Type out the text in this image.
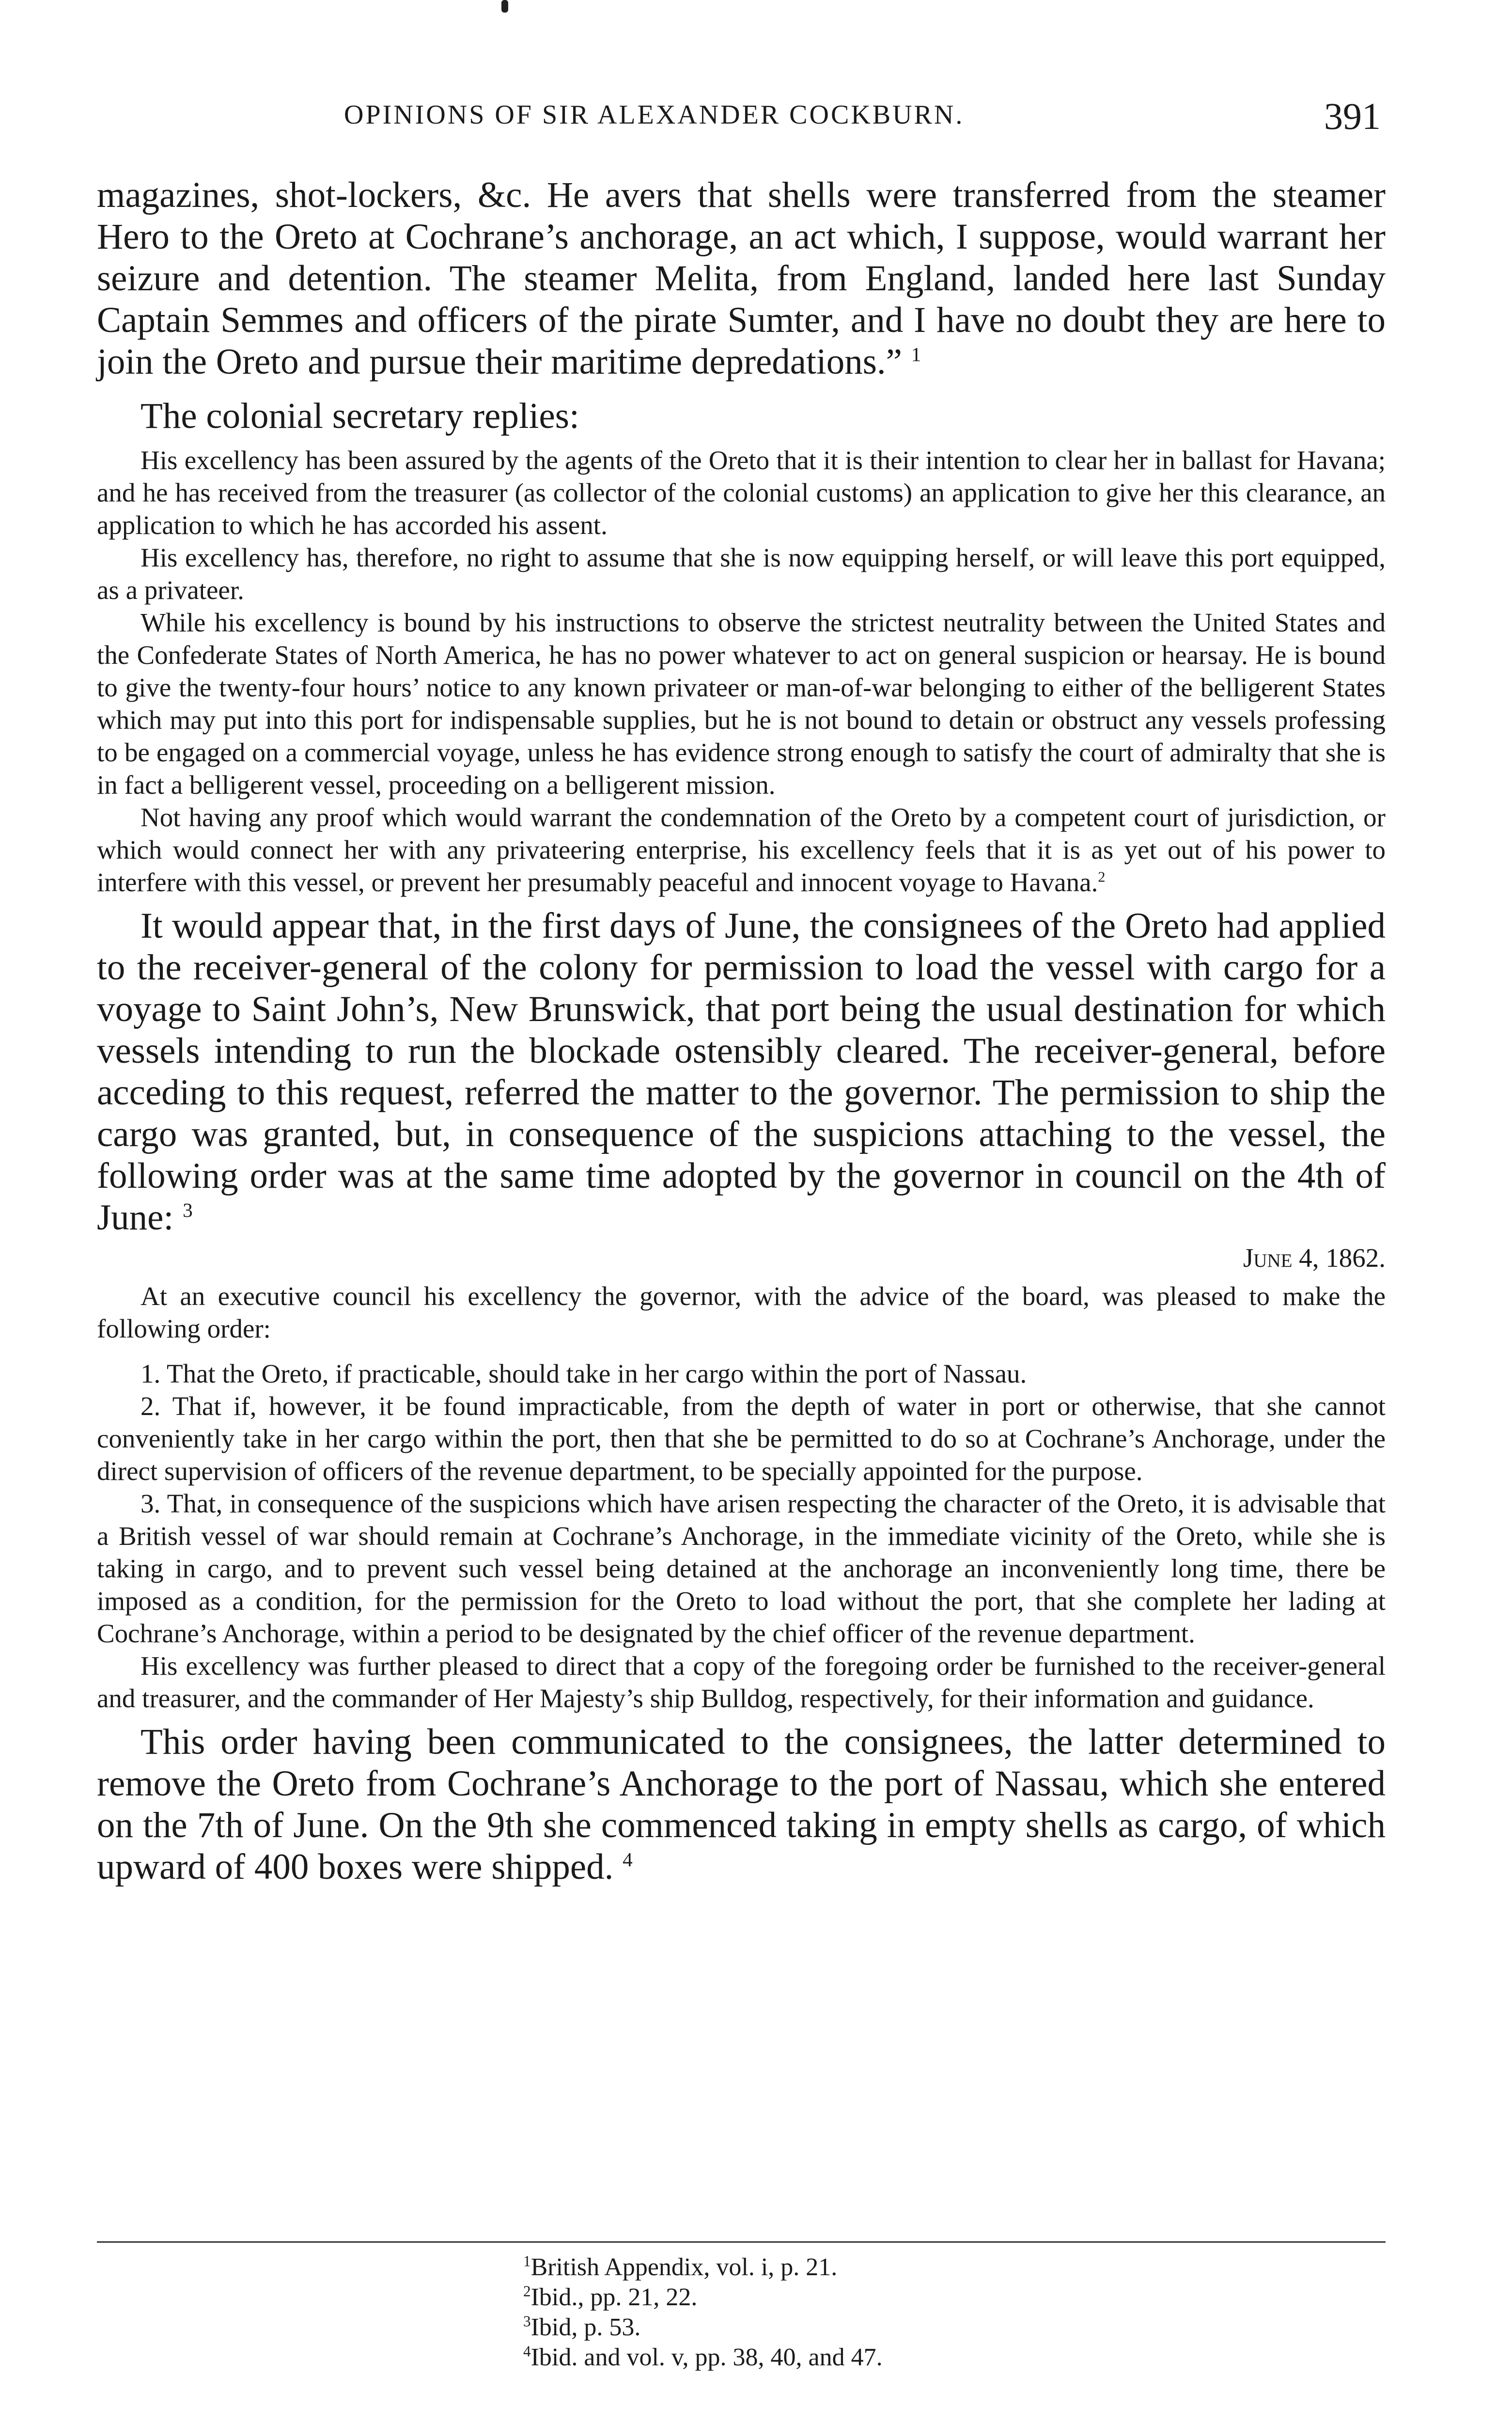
OPINIONS OF SIR ALEXANDER COCKBURN.	391

magazines, shot-lockers, &c. He avers that shells were transferred from the steamer Hero to the Oreto at Cochrane’s anchorage, an act which, I suppose, would warrant her seizure and detention. The steamer Melita, from England, landed here last Sunday Captain Semmes and officers of the pirate Sumter, and I have no doubt they are here to join the Oreto and pursue their maritime depredations.” $^1$

The colonial secretary replies:

His excellency has been assured by the agents of the Oreto that it is their intention to clear her in ballast for Havana; and he has received from the treasurer (as collector of the colonial customs) an application to give her this clearance, an application to which he has accorded his assent.

His excellency has, therefore, no right to assume that she is now equipping herself, or will leave this port equipped, as a privateer.

While his excellency is bound by his instructions to observe the strictest neutrality between the United States and the Confederate States of North America, he has no power whatever to act on general suspicion or hearsay. He is bound to give the twenty-four hours’ notice to any known privateer or man-of-war belonging to either of the belligerent States which may put into this port for indispensable supplies, but he is not bound to detain or obstruct any vessels professing to be engaged on a commercial voyage, unless he has evidence strong enough to satisfy the court of admiralty that she is in fact a belligerent vessel, proceeding on a belligerent mission.

Not having any proof which would warrant the condemnation of the Oreto by a competent court of jurisdiction, or which would connect her with any privateering enterprise, his excellency feels that it is as yet out of his power to interfere with this vessel, or prevent her presumably peaceful and innocent voyage to Havana.$^2$

It would appear that, in the first days of June, the consignees of the Oreto had applied to the receiver-general of the colony for permission to load the vessel with cargo for a voyage to Saint John’s, New Brunswick, that port being the usual destination for which vessels intending to run the blockade ostensibly cleared. The receiver-general, before acceding to this request, referred the matter to the governor. The permission to ship the cargo was granted, but, in consequence of the suspicions attaching to the vessel, the following order was at the same time adopted by the governor in council on the 4th of June: $^3$

June 4, 1862.

At an executive council his excellency the governor, with the advice of the board, was pleased to make the following order:

1. That the Oreto, if practicable, should take in her cargo within the port of Nassau.

2. That if, however, it be found impracticable, from the depth of water in port or otherwise, that she cannot conveniently take in her cargo within the port, then that she be permitted to do so at Cochrane’s Anchorage, under the direct supervision of officers of the revenue department, to be specially appointed for the purpose.

3. That, in consequence of the suspicions which have arisen respecting the character of the Oreto, it is advisable that a British vessel of war should remain at Cochrane’s Anchorage, in the immediate vicinity of the Oreto, while she is taking in cargo, and to prevent such vessel being detained at the anchorage an inconveniently long time, there be imposed as a condition, for the permission for the Oreto to load without the port, that she complete her lading at Cochrane’s Anchorage, within a period to be designated by the chief officer of the revenue department.

His excellency was further pleased to direct that a copy of the foregoing order be furnished to the receiver-general and treasurer, and the commander of Her Majesty’s ship Bulldog, respectively, for their information and guidance.

This order having been communicated to the consignees, the latter determined to remove the Oreto from Cochrane’s Anchorage to the port of Nassau, which she entered on the 7th of June. On the 9th she commenced taking in empty shells as cargo, of which upward of 400 boxes were shipped. $^4$

$^1$British Appendix, vol. i, p. 21.
$^2$Ibid., pp. 21, 22.
$^3$Ibid, p. 53.
$^4$Ibid. and vol. v, pp. 38, 40, and 47.
